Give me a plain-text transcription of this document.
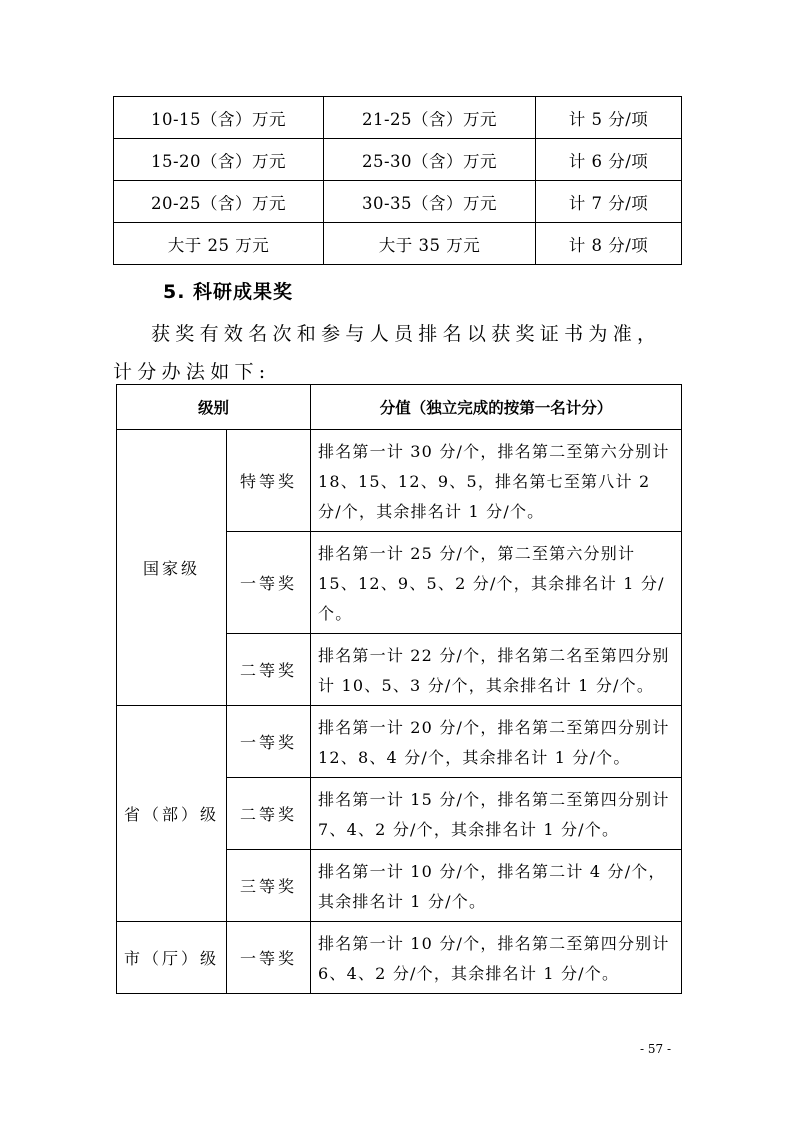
10-15（含）万元	21-25（含）万元	计 5 分/项
15-20（含）万元	25-30（含）万元	计 6 分/项
20-25（含）万元	30-35（含）万元	计 7 分/项
大于 25 万元	大于 35 万元	计 8 分/项
5. 科研成果奖

获奖有效名次和参与人员排名以获奖证书为准，计分办法如下:

级别		分值（独立完成的按第一名计分）
国家级	特等奖	排名第一计 30 分/个，排名第二至第六分别计 18、15、12、9、5，排名第七至第八计 2 分/个，其余排名计 1 分/个。
	一等奖	排名第一计 25 分/个，第二至第六分别计 15、12、9、5、2 分/个，其余排名计 1 分/个。
	二等奖	排名第一计 22 分/个，排名第二名至第四分别计 10、5、3 分/个，其余排名计 1 分/个。
省（部）级	一等奖	排名第一计 20 分/个，排名第二至第四分别计 12、8、4 分/个，其余排名计 1 分/个。
	二等奖	排名第一计 15 分/个，排名第二至第四分别计 7、4、2 分/个，其余排名计 1 分/个。
	三等奖	排名第一计 10 分/个，排名第二计 4 分/个，其余排名计 1 分/个。
市（厅）级	一等奖	排名第一计 10 分/个，排名第二至第四分别计 6、4、2 分/个，其余排名计 1 分/个。
- 57 -
